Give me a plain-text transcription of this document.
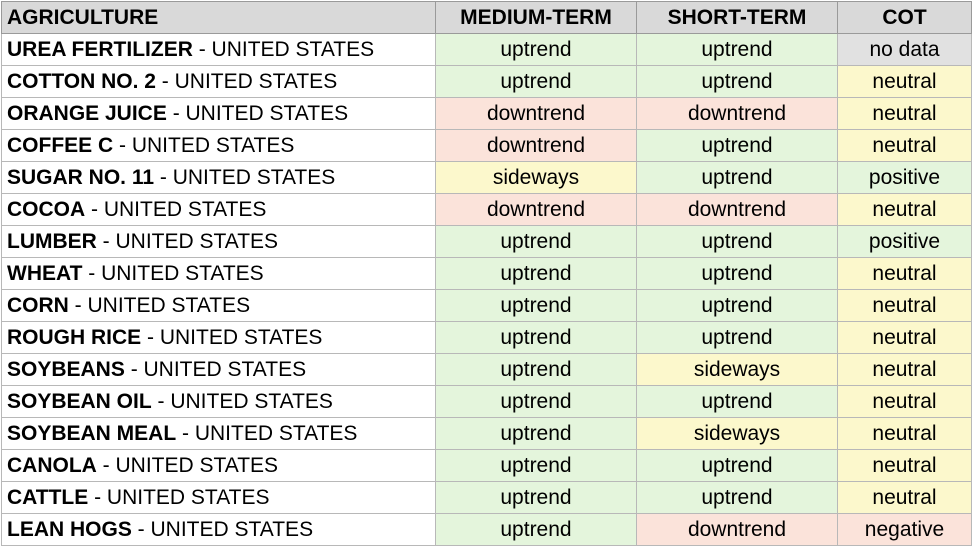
AGRICULTURE	MEDIUM-TERM	SHORT-TERM	COT
UREA FERTILIZER - UNITED STATES	uptrend	uptrend	no data
COTTON NO. 2 - UNITED STATES	uptrend	uptrend	neutral
ORANGE JUICE - UNITED STATES	downtrend	downtrend	neutral
COFFEE C - UNITED STATES	downtrend	uptrend	neutral
SUGAR NO. 11 - UNITED STATES	sideways	uptrend	positive
COCOA - UNITED STATES	downtrend	downtrend	neutral
LUMBER - UNITED STATES	uptrend	uptrend	positive
WHEAT - UNITED STATES	uptrend	uptrend	neutral
CORN - UNITED STATES	uptrend	uptrend	neutral
ROUGH RICE - UNITED STATES	uptrend	uptrend	neutral
SOYBEANS - UNITED STATES	uptrend	sideways	neutral
SOYBEAN OIL - UNITED STATES	uptrend	uptrend	neutral
SOYBEAN MEAL - UNITED STATES	uptrend	sideways	neutral
CANOLA - UNITED STATES	uptrend	uptrend	neutral
CATTLE - UNITED STATES	uptrend	uptrend	neutral
LEAN HOGS - UNITED STATES	uptrend	downtrend	negative
